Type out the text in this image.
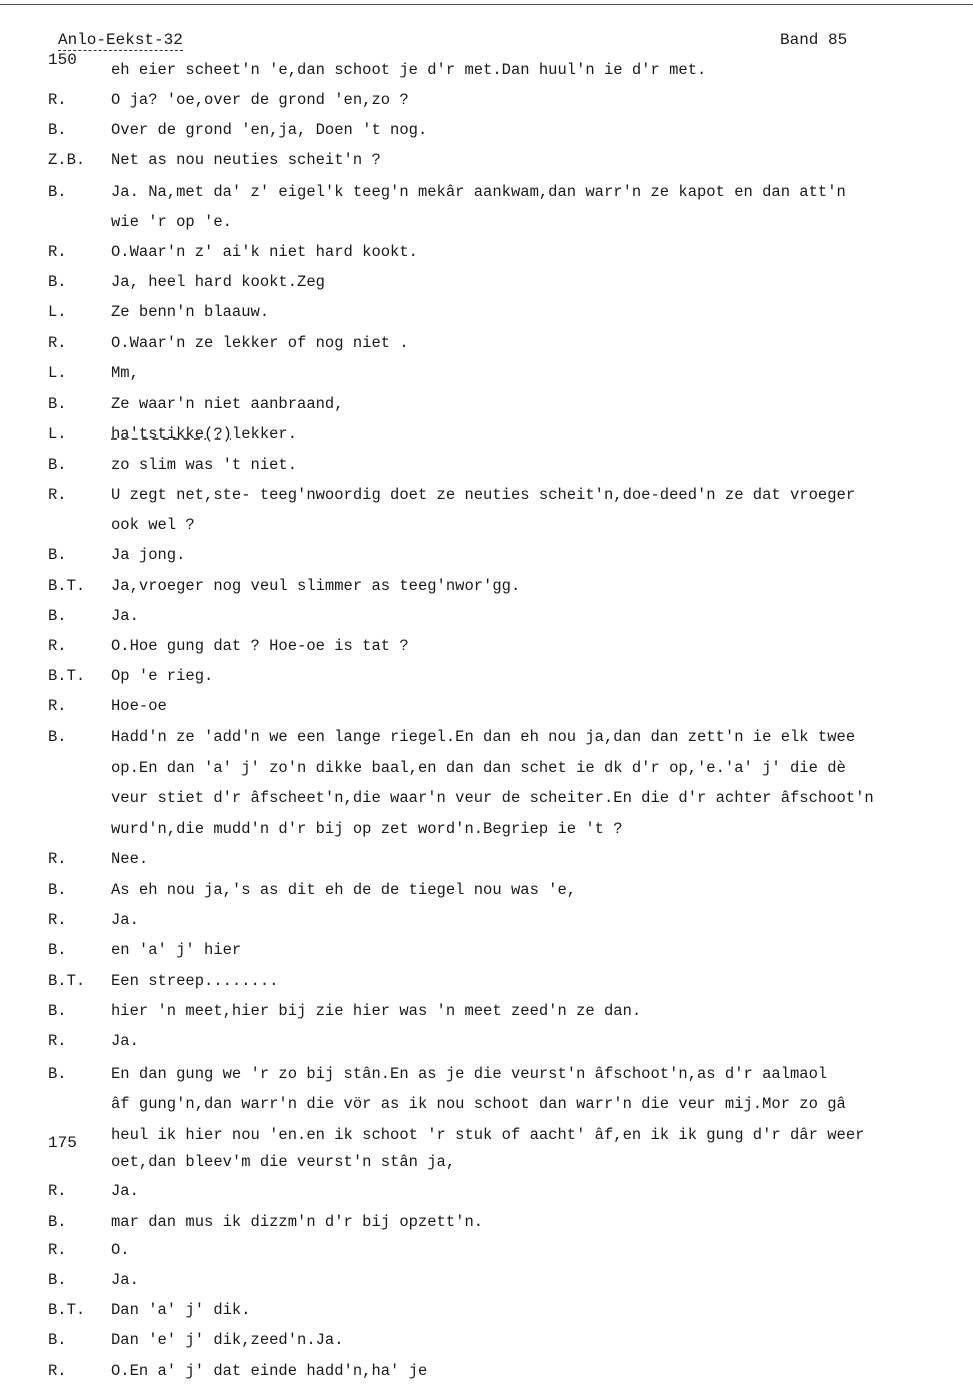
Anlo-Eekst-32	Band 85
150
175
eh eier scheet'n 'e,dan schoot je d'r met.Dan huul'n ie d'r met.
R.	O ja? 'oe,over de grond 'en,zo ?
B.	Over de grond 'en,ja, Doen 't nog.
Z.B. Net as nou neuties scheit'n ?
B.	Ja. Na,met da' z' eigel'k teeg'n mekâr aankwam,dan warr'n ze kapot en dan att'n
wie 'r op 'e.
R.	O.Waar'n z' ai'k niet hard kookt.
B.	Ja, heel hard kookt.Zeg
L.	Ze benn'n blaauw.
R.	O.Waar'n ze lekker of nog niet .
L.	Mm,
B.	Ze waar'n niet aanbraand,
L.	ha'tstikke(?)lekker.
B.	zo slim was 't niet.
R.	U zegt net,ste- teeg'nwoordig doet ze neuties scheit'n,doe-deed'n ze dat vroeger
ook wel ?
B.	Ja jong.
B.T. Ja,vroeger nog veul slimmer as teeg'nwor'gg.
B.	Ja.
R.	O.Hoe gung dat ? Hoe-oe is tat ?
B.T. Op 'e rieg.
R.	Hoe-oe
B.	Hadd'n ze 'add'n we een lange riegel.En dan eh nou ja,dan dan zett'n ie elk twee
op.En dan 'a' j' zo'n dikke baal,en dan dan schet ie dk d'r op,'e.'a' j' die dè
veur stiet d'r âfscheet'n,die waar'n veur de scheiter.En die d'r achter âfschoot'n
wurd'n,die mudd'n d'r bij op zet word'n.Begriep ie 't ?
R.	Nee.
B.	As eh nou ja,'s as dit eh de de tiegel nou was 'e,
R.	Ja.
B.	en 'a' j' hier
B.T. Een streep........
B.	hier 'n meet,hier bij zie hier was 'n meet zeed'n ze dan.
R.	Ja.
B.	En dan gung we 'r zo bij stân.En as je die veurst'n âfschoot'n,as d'r aalmaol
âf gung'n,dan warr'n die vör as ik nou schoot dan warr'n die veur mij.Mor zo gâ
heul ik hier nou 'en.en ik schoot 'r stuk of aacht' âf,en ik ik gung d'r dâr weer
oet,dan bleev'm die veurst'n stân ja,
R.	Ja.
B.	mar dan mus ik dizzm'n d'r bij opzett'n.
R.	O.
B.	Ja.
B.T. Dan 'a' j' dik.
B.	Dan 'e' j' dik,zeed'n.Ja.
R.	O.En a' j' dat einde hadd'n,ha' je
